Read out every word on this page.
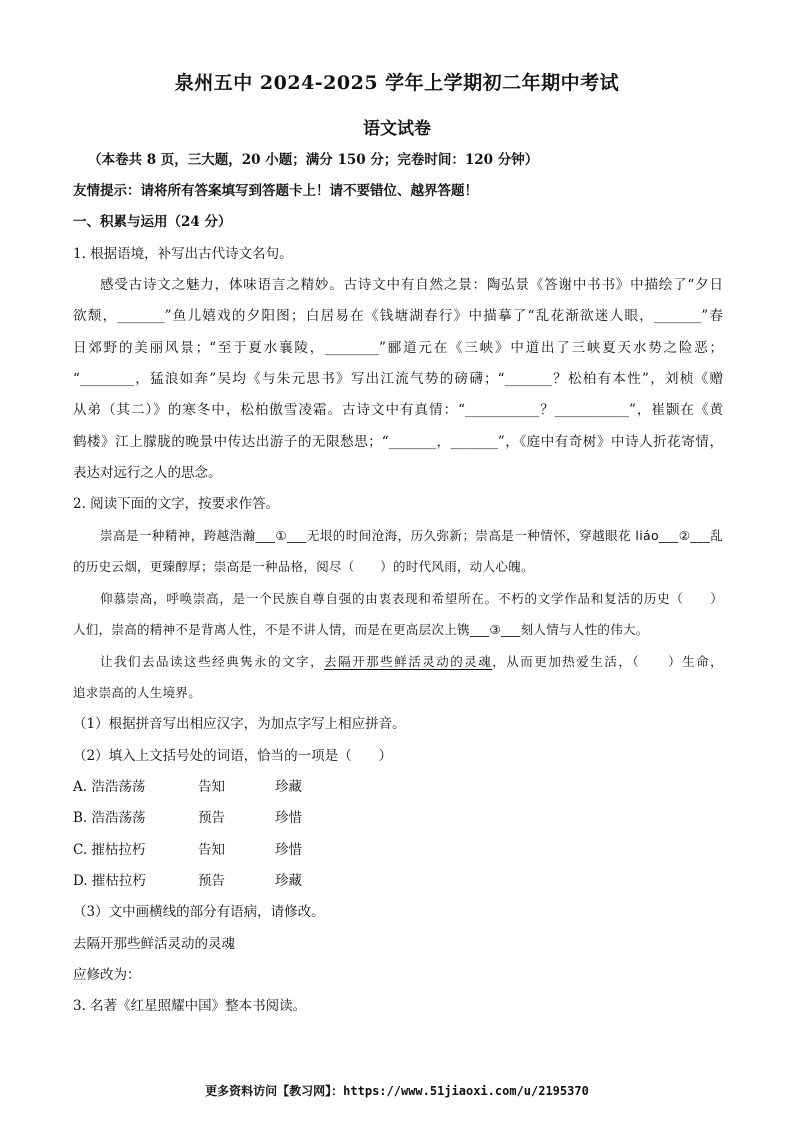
泉州五中 2024-2025 学年上学期初二年期中考试
语文试卷
（本卷共 8 页，三大题，20 小题；满分 150 分；完卷时间：120 分钟）
友情提示：请将所有答案填写到答题卡上！请不要错位、越界答题！
一、积累与运用（24 分）
1. 根据语境，补写出古代诗文名句。
感受古诗文之魅力，体味语言之精妙。古诗文中有自然之景：陶弘景《答谢中书书》中描绘了“夕日
欲颓，_______”鱼儿嬉戏的夕阳图；白居易在《钱塘湖春行》中描摹了“乱花渐欲迷人眼，_______”春
日郊野的美丽风景；“至于夏水襄陵，________”郦道元在《三峡》中道出了三峡夏天水势之险恶；
“________，猛浪如奔”吴均《与朱元思书》写出江流气势的磅礴；“_______？松柏有本性”，刘桢《赠
从弟（其二）》的寒冬中，松柏傲雪凌霜。古诗文中有真情：“___________？___________”，崔颢在《黄
鹤楼》江上朦胧的晚景中传达出游子的无限愁思；“_______，_______”，《庭中有奇树》中诗人折花寄情，
表达对远行之人的思念。
2. 阅读下面的文字，按要求作答。
崇高是一种精神，跨越浩瀚___①___无垠的时间沧海，历久弥新；崇高是一种情怀，穿越眼花 liáo___②___乱
的历史云烟，更臻醇厚；崇高是一种品格，阅尽（　　）的时代风雨，动人心魄。
仰慕崇高，呼唤崇高，是一个民族自尊自强的由衷表现和希望所在。不朽的文学作品和复活的历史（　　）
人们，崇高的精神不是背离人性，不是不讲人情，而是在更高层次上镌___③___刻人情与人性的伟大。
让我们去品读这些经典隽永的文字，去隔开那些鲜活灵动的灵魂，从而更加热爱生活，（　　）生命，
追求崇高的人生境界。
（1）根据拼音写出相应汉字，为加点字写上相应拼音。
（2）填入上文括号处的词语，恰当的一项是（　　）
A. 浩浩荡荡	告知	珍藏
B. 浩浩荡荡	预告	珍惜
C. 摧枯拉朽	告知	珍惜
D. 摧枯拉朽	预告	珍藏
（3）文中画横线的部分有语病，请修改。
去隔开那些鲜活灵动的灵魂
应修改为：
3. 名著《红星照耀中国》整本书阅读。
更多资料访问【教习网】：https://www.51jiaoxi.com/u/2195370
